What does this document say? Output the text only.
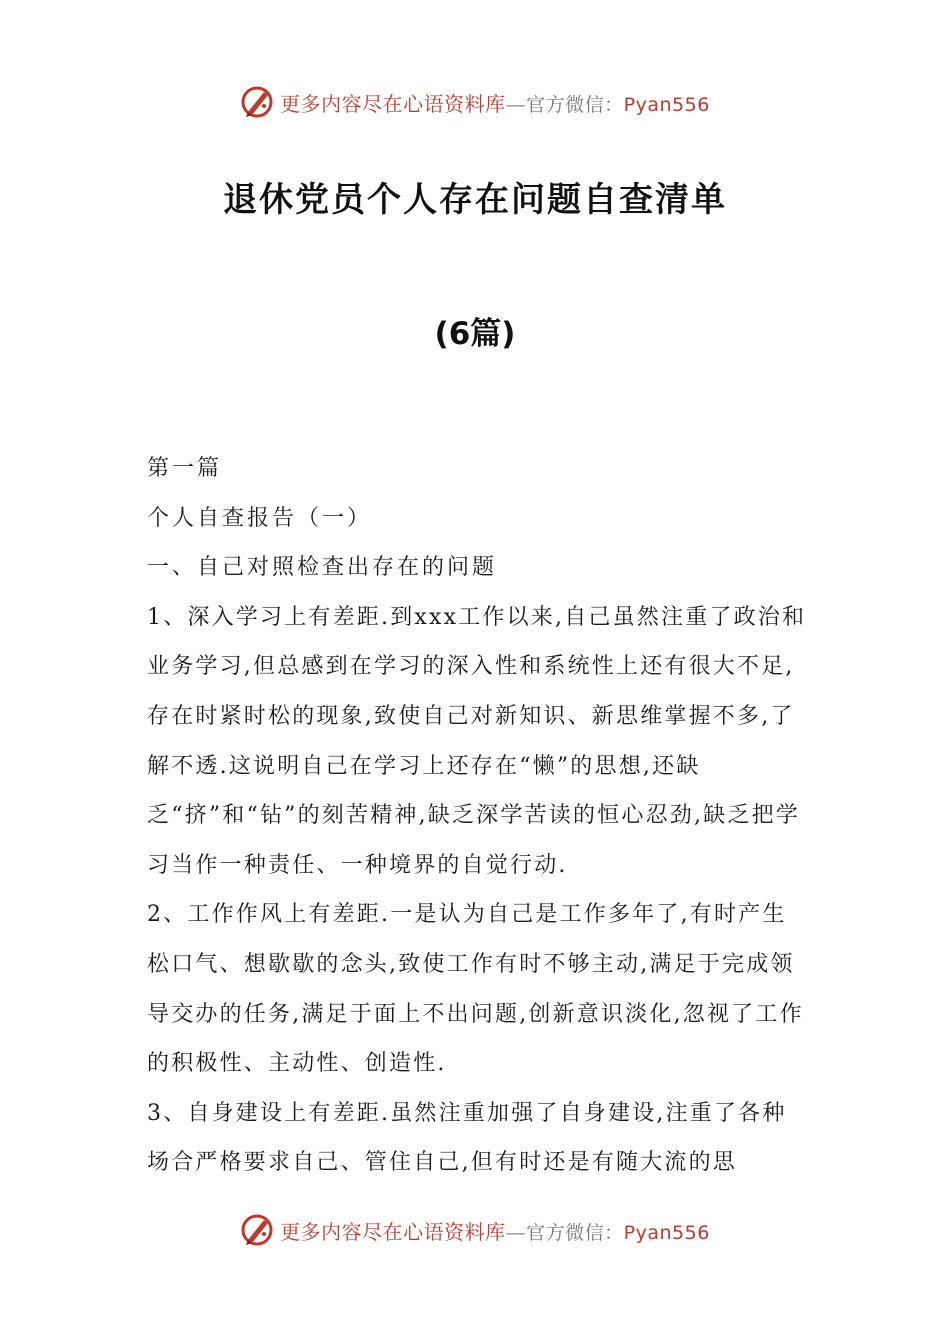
更多内容尽在心语资料库—官方微信：Pyan556
退休党员个人存在问题自查清单
(6篇)

第一篇

个人自查报告（一）

一、自己对照检查出存在的问题

1、深入学习上有差距.到xxx工作以来,自己虽然注重了政治和业务学习,但总感到在学习的深入性和系统性上还有很大不足,存在时紧时松的现象,致使自己对新知识、新思维掌握不多,了解不透.这说明自己在学习上还存在“懒”的思想,还缺乏“挤”和“钻”的刻苦精神,缺乏深学苦读的恒心忍劲,缺乏把学习当作一种责任、一种境界的自觉行动.

2、工作作风上有差距.一是认为自己是工作多年了,有时产生松口气、想歇歇的念头,致使工作有时不够主动,满足于完成领导交办的任务,满足于面上不出问题,创新意识淡化,忽视了工作的积极性、主动性、创造性.

3、自身建设上有差距.虽然注重加强了自身建设,注重了各种场合严格要求自己、管住自己,但有时还是有随大流的思

更多内容尽在心语资料库—官方微信：Pyan556
